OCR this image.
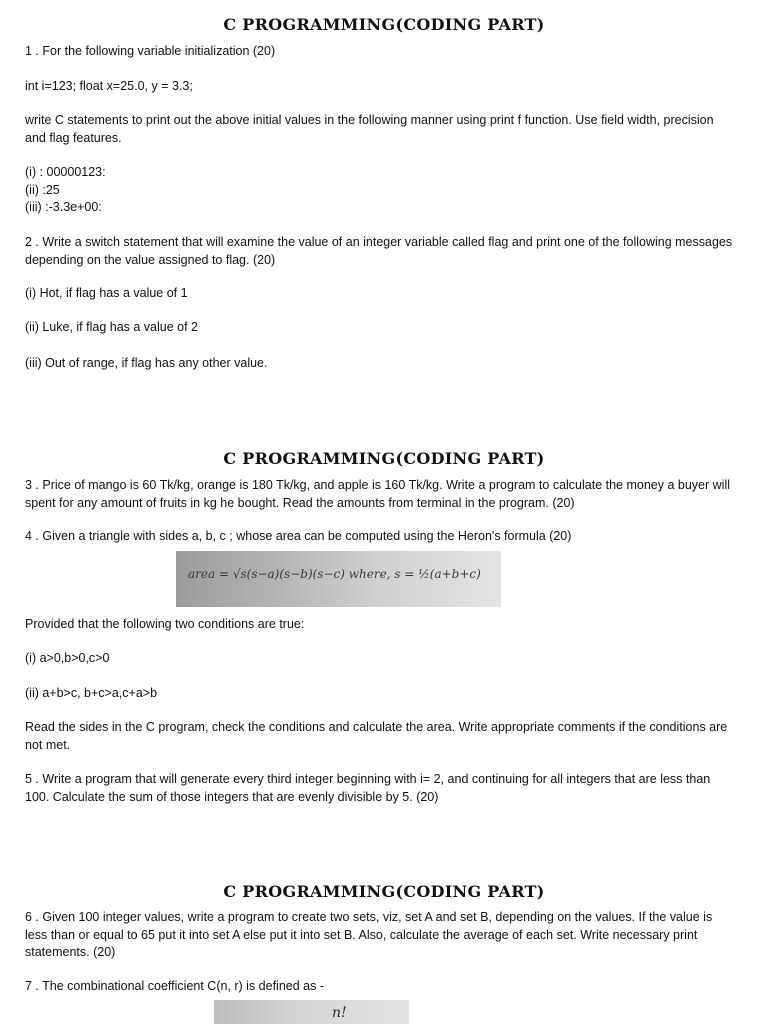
C PROGRAMMING(CODING PART)
1 . For the following variable initialization (20)
int i=123; float x=25.0, y = 3.3;
write C statements to print out the above initial values in the following manner using print f function. Use field width, precision and flag features.
(i) : 00000123:
(ii) :25
(iii) :-3.3e+00:
2 . Write a switch statement that will examine the value of an integer variable called flag and print one of the following messages depending on the value assigned to flag. (20)
(i) Hot, if flag has a value of 1
(ii) Luke, if flag has a value of 2
(iii) Out of range, if flag has any other value.
C PROGRAMMING(CODING PART)
3 . Price of mango is 60 Tk/kg, orange is 180 Tk/kg, and apple is 160 Tk/kg. Write a program to calculate the money a buyer will spent for any amount of fruits in kg he bought. Read the amounts from terminal in the program. (20)
4 . Given a triangle with sides a, b, c ; whose area can be computed using the Heron's formula (20)
area = √s(s−a)(s−b)(s−c) where, s = ½(a+b+c)
Provided that the following two conditions are true:
(i) a>0,b>0,c>0
(ii) a+b>c, b+c>a,c+a>b
Read the sides in the C program, check the conditions and calculate the area. Write appropriate comments if the conditions are not met.
5 . Write a program that will generate every third integer beginning with i= 2, and continuing for all integers that are less than 100. Calculate the sum of those integers that are evenly divisible by 5. (20)
C PROGRAMMING(CODING PART)
6 . Given 100 integer values, write a program to create two sets, viz, set A and set B, depending on the values. If the value is less than or equal to 65 put it into set A else put it into set B. Also, calculate the average of each set. Write necessary print statements. (20)
7 . The combinational coefficient C(n, r) is defined as -
n!
